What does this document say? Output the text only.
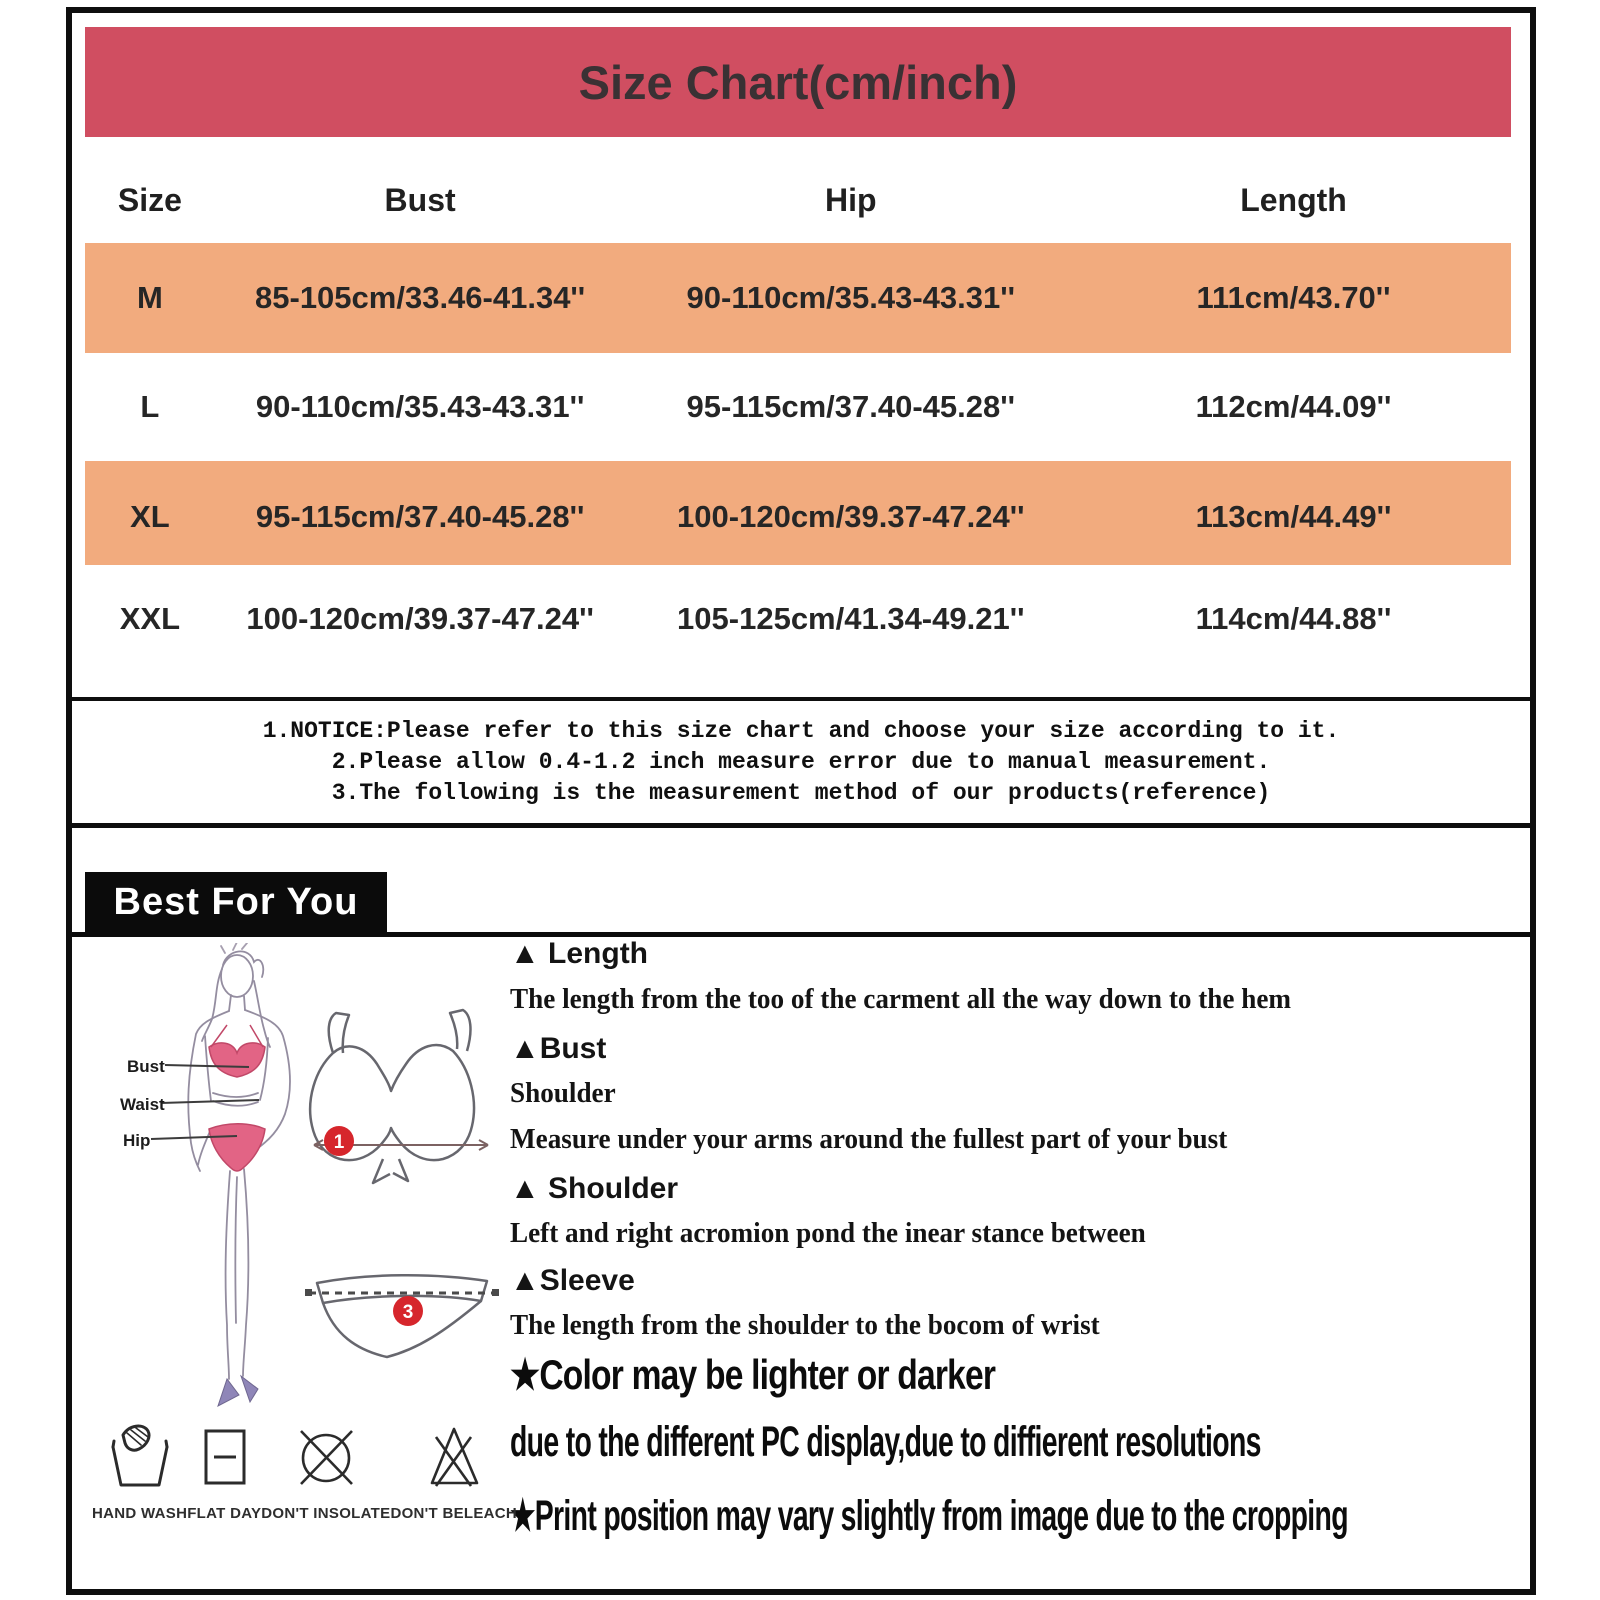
Size Chart(cm/inch)
Size	Bust	Hip	Length
M	85-105cm/33.46-41.34''	90-110cm/35.43-43.31''	111cm/43.70''
L	90-110cm/35.43-43.31''	95-115cm/37.40-45.28''	112cm/44.09''
XL	95-115cm/37.40-45.28''	100-120cm/39.37-47.24''	113cm/44.49''
XXL	100-120cm/39.37-47.24''	105-125cm/41.34-49.21''	114cm/44.88''
1.NOTICE:Please refer to this size chart and choose your size according to it.
2.Please allow 0.4-1.2 inch measure error due to manual measurement.
3.The following is the measurement method of our products(reference)
Best For You
Bust
Waist
Hip	1
3
▲ Length
The length from the too of the carment all the way down to the hem
▲Bust
Shoulder
Measure under your arms around the fullest part of your bust
▲ Shoulder
Left and right acromion pond the inear stance between
▲Sleeve
The length from the shoulder to the bocom of wrist
★Color may be lighter or darker
due to the different PC display,due to diffierent resolutions
★Print position may vary slightly from image due to the cropping
HAND WASH FLAT DAY DON'T INSOLATE DON'T BELEACH
